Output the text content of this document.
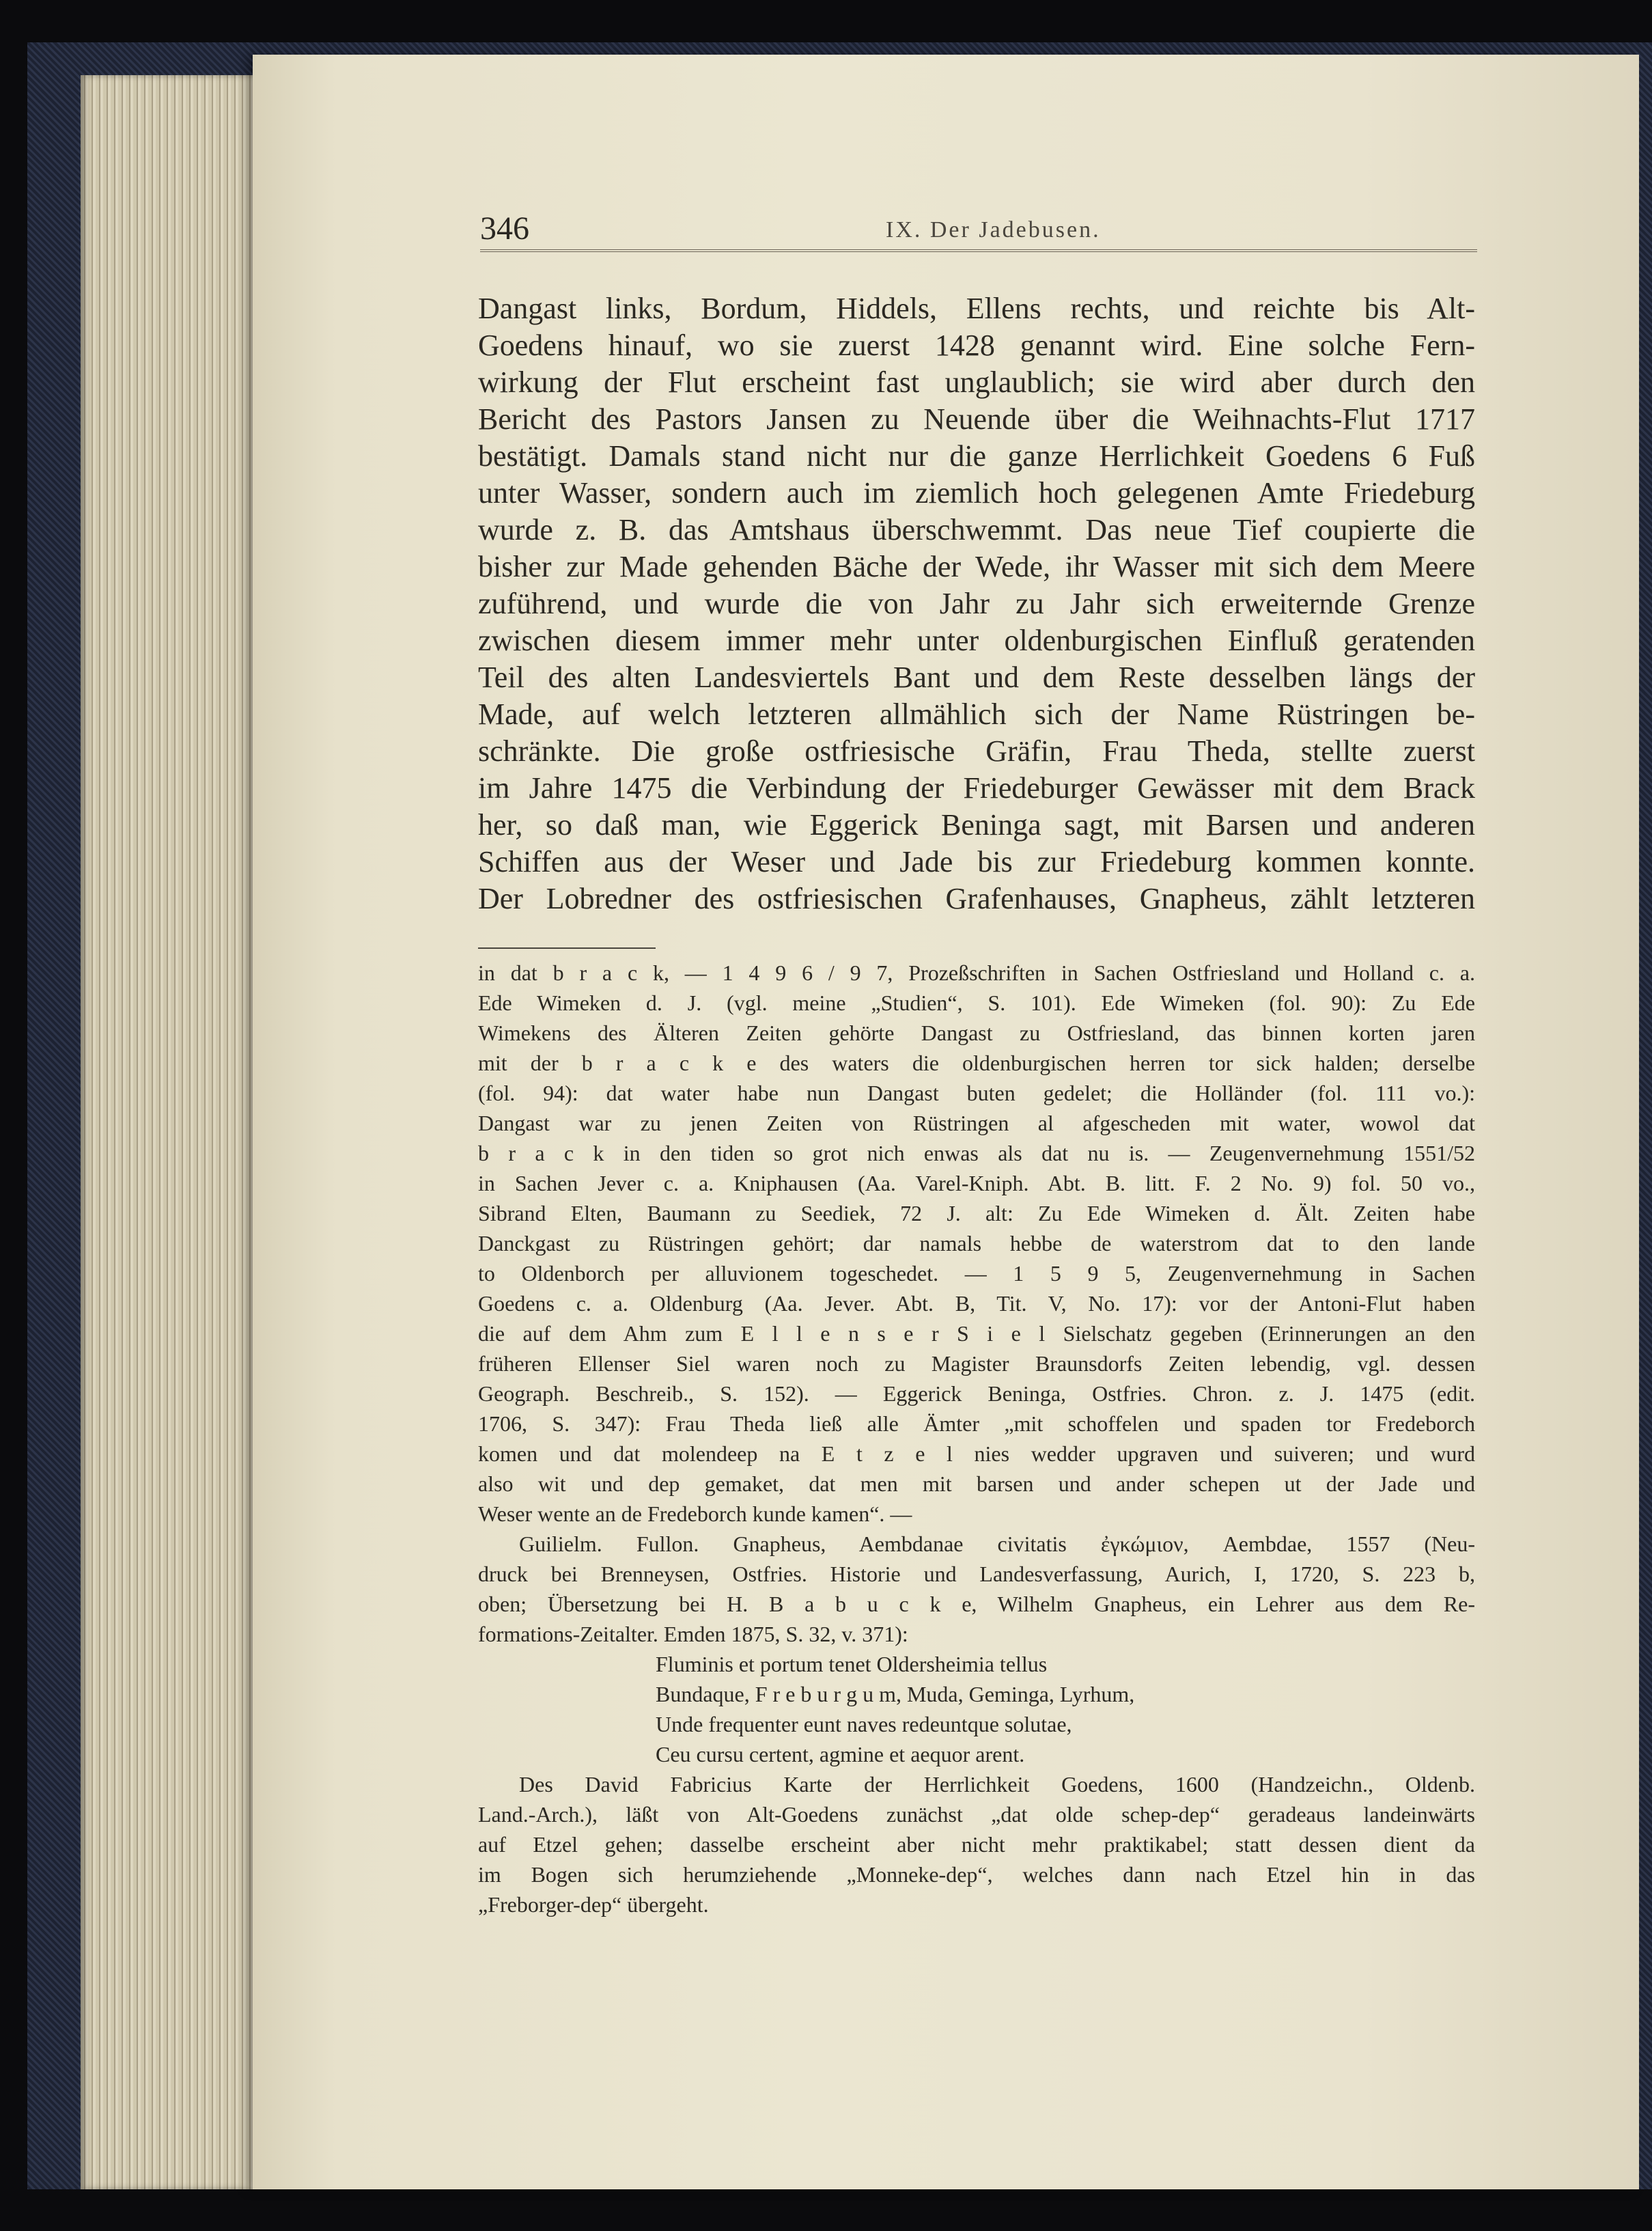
346	IX. Der Jadebusen.
Dangast links, Bordum, Hiddels, Ellens rechts, und reichte bis Alt-
Goedens hinauf, wo sie zuerst 1428 genannt wird. Eine solche Fern-
wirkung der Flut erscheint fast unglaublich; sie wird aber durch den
Bericht des Pastors Jansen zu Neuende über die Weihnachts-Flut 1717
bestätigt. Damals stand nicht nur die ganze Herrlichkeit Goedens 6 Fuß
unter Wasser, sondern auch im ziemlich hoch gelegenen Amte Friedeburg
wurde z. B. das Amtshaus überschwemmt. Das neue Tief coupierte die
bisher zur Made gehenden Bäche der Wede, ihr Wasser mit sich dem Meere
zuführend, und wurde die von Jahr zu Jahr sich erweiternde Grenze
zwischen diesem immer mehr unter oldenburgischen Einfluß geratenden
Teil des alten Landesviertels Bant und dem Reste desselben längs der
Made, auf welch letzteren allmählich sich der Name Rüstringen be-
schränkte. Die große ostfriesische Gräfin, Frau Theda, stellte zuerst
im Jahre 1475 die Verbindung der Friedeburger Gewässer mit dem Brack
her, so daß man, wie Eggerick Beninga sagt, mit Barsen und anderen
Schiffen aus der Weser und Jade bis zur Friedeburg kommen konnte.
Der Lobredner des ostfriesischen Grafenhauses, Gnapheus, zählt letzteren
in dat b r a c k, — 1 4 9 6 / 9 7, Prozeßschriften in Sachen Ostfriesland und Holland c. a.
Ede Wimeken d. J. (vgl. meine „Studien“, S. 101). Ede Wimeken (fol. 90): Zu Ede
Wimekens des Älteren Zeiten gehörte Dangast zu Ostfriesland, das binnen korten jaren
mit der b r a c k e des waters die oldenburgischen herren tor sick halden; derselbe
(fol. 94): dat water habe nun Dangast buten gedelet; die Holländer (fol. 111 vo.):
Dangast war zu jenen Zeiten von Rüstringen al afgescheden mit water, wowol dat
b r a c k in den tiden so grot nich enwas als dat nu is. — Zeugenvernehmung 1551/52
in Sachen Jever c. a. Kniphausen (Aa. Varel-Kniph. Abt. B. litt. F. 2 No. 9) fol. 50 vo.,
Sibrand Elten, Baumann zu Seediek, 72 J. alt: Zu Ede Wimeken d. Ält. Zeiten habe
Danckgast zu Rüstringen gehört; dar namals hebbe de waterstrom dat to den lande
to Oldenborch per alluvionem togeschedet. — 1 5 9 5, Zeugenvernehmung in Sachen
Goedens c. a. Oldenburg (Aa. Jever. Abt. B, Tit. V, No. 17): vor der Antoni-Flut haben
die auf dem Ahm zum E l l e n s e r S i e l Sielschatz gegeben (Erinnerungen an den
früheren Ellenser Siel waren noch zu Magister Braunsdorfs Zeiten lebendig, vgl. dessen
Geograph. Beschreib., S. 152). — Eggerick Beninga, Ostfries. Chron. z. J. 1475 (edit.
1706, S. 347): Frau Theda ließ alle Ämter „mit schoffelen und spaden tor Fredeborch
komen und dat molendeep na E t z e l nies wedder upgraven und suiveren; und wurd
also wit und dep gemaket, dat men mit barsen und ander schepen ut der Jade und
Weser wente an de Fredeborch kunde kamen“. —
Guilielm. Fullon. Gnapheus, Aembdanae civitatis ἐγκώμιον, Aembdae, 1557 (Neu-
druck bei Brenneysen, Ostfries. Historie und Landesverfassung, Aurich, I, 1720, S. 223 b,
oben; Übersetzung bei H. B a b u c k e, Wilhelm Gnapheus, ein Lehrer aus dem Re-
formations-Zeitalter. Emden 1875, S. 32, v. 371):
Fluminis et portum tenet Oldersheimia tellus
Bundaque, F r e b u r g u m, Muda, Geminga, Lyrhum,
Unde frequenter eunt naves redeuntque solutae,
Ceu cursu certent, agmine et aequor arent.
Des David Fabricius Karte der Herrlichkeit Goedens, 1600 (Handzeichn., Oldenb.
Land.-Arch.), läßt von Alt-Goedens zunächst „dat olde schep-dep“ geradeaus landeinwärts
auf Etzel gehen; dasselbe erscheint aber nicht mehr praktikabel; statt dessen dient da
im Bogen sich herumziehende „Monneke-dep“, welches dann nach Etzel hin in das
„Freborger-dep“ übergeht.
